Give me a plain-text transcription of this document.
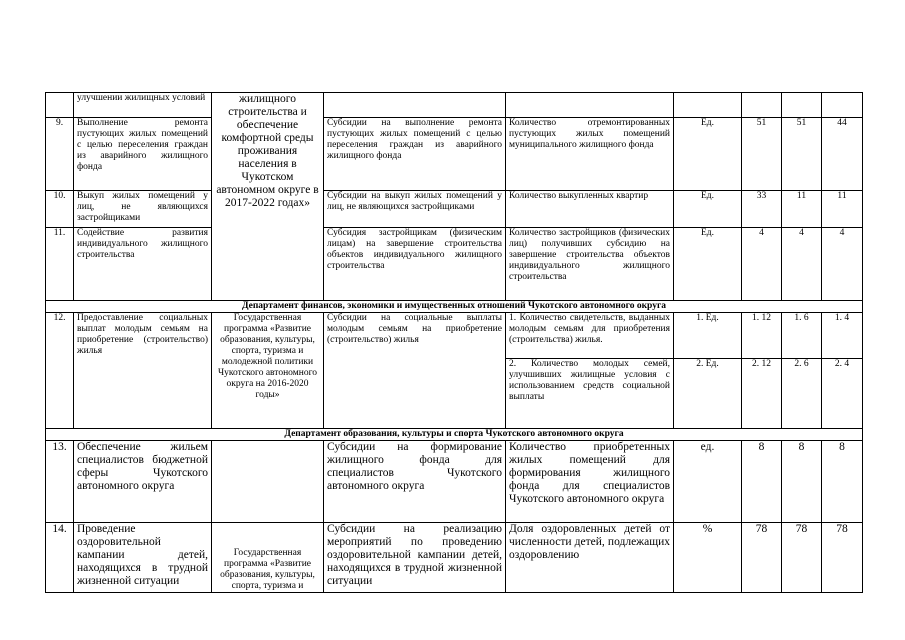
	улучшении жилищных условий	жилищного строительства и обеспечение комфортной среды проживания населения в Чукотском автономном округе в 2017-2022 годах»						
9.	Выполнение ремонта пустующих жилых помещений с целью переселения граждан из аварийного жилищного фонда		Субсидии на выполнение ремонта пустующих жилых помещений с целью переселения граждан из аварийного жилищного фонда	Количество отремонтированных пустующих жилых помещений муниципального жилищного фонда	Ед.	51	51	44
10.	Выкуп жилых помещений у лиц, не являющихся застройщиками		Субсидии на выкуп жилых помещений у лиц, не являющихся застройщиками	Количество выкупленных квартир	Ед.	33	11	11
11.	Содействие развития индивидуального жилищного строительства		Субсидия застройщикам (физическим лицам) на завершение строительства объектов индивидуального жилищного строительства	Количество застройщиков (физических лиц) получивших субсидию на завершение строительства объектов индивидуального жилищного строительства	Ед.	4	4	4
Департамент финансов, экономики и имущественных отношений Чукотского автономного округа								
12.	Предоставление социальных выплат молодым семьям на приобретение (строительство) жилья	Государственная программа «Развитие образования, культуры, спорта, туризма и молодежной политики Чукотского автономного округа на 2016-2020 годы»	Субсидии на социальные выплаты молодым семьям на приобретение (строительство) жилья	1. Количество свидетельств, выданных молодым семьям для приобретения (строительства) жилья.	1. Ед.	1. 12	1. 6	1. 4
				2. Количество молодых семей, улучшивших жилищные условия с использованием средств социальной выплаты	2. Ед.	2. 12	2. 6	2. 4
Департамент образования, культуры и спорта Чукотского автономного округа								
13.	Обеспечение жильем специалистов бюджетной сферы Чукотского автономного округа		Субсидии на формирование жилищного фонда для специалистов Чукотского автономного округа	Количество приобретенных жилых помещений для формирования жилищного фонда для специалистов Чукотского автономного округа	ед.	8	8	8
14.	Проведение оздоровительной кампании детей, находящихся в трудной жизненной ситуации	Государственная программа «Развитие образования, культуры, спорта, туризма и	Субсидии на реализацию мероприятий по проведению оздоровительной кампании детей, находящихся в трудной жизненной ситуации	Доля оздоровленных детей от численности детей, подлежащих оздоровлению	%	78	78	78
